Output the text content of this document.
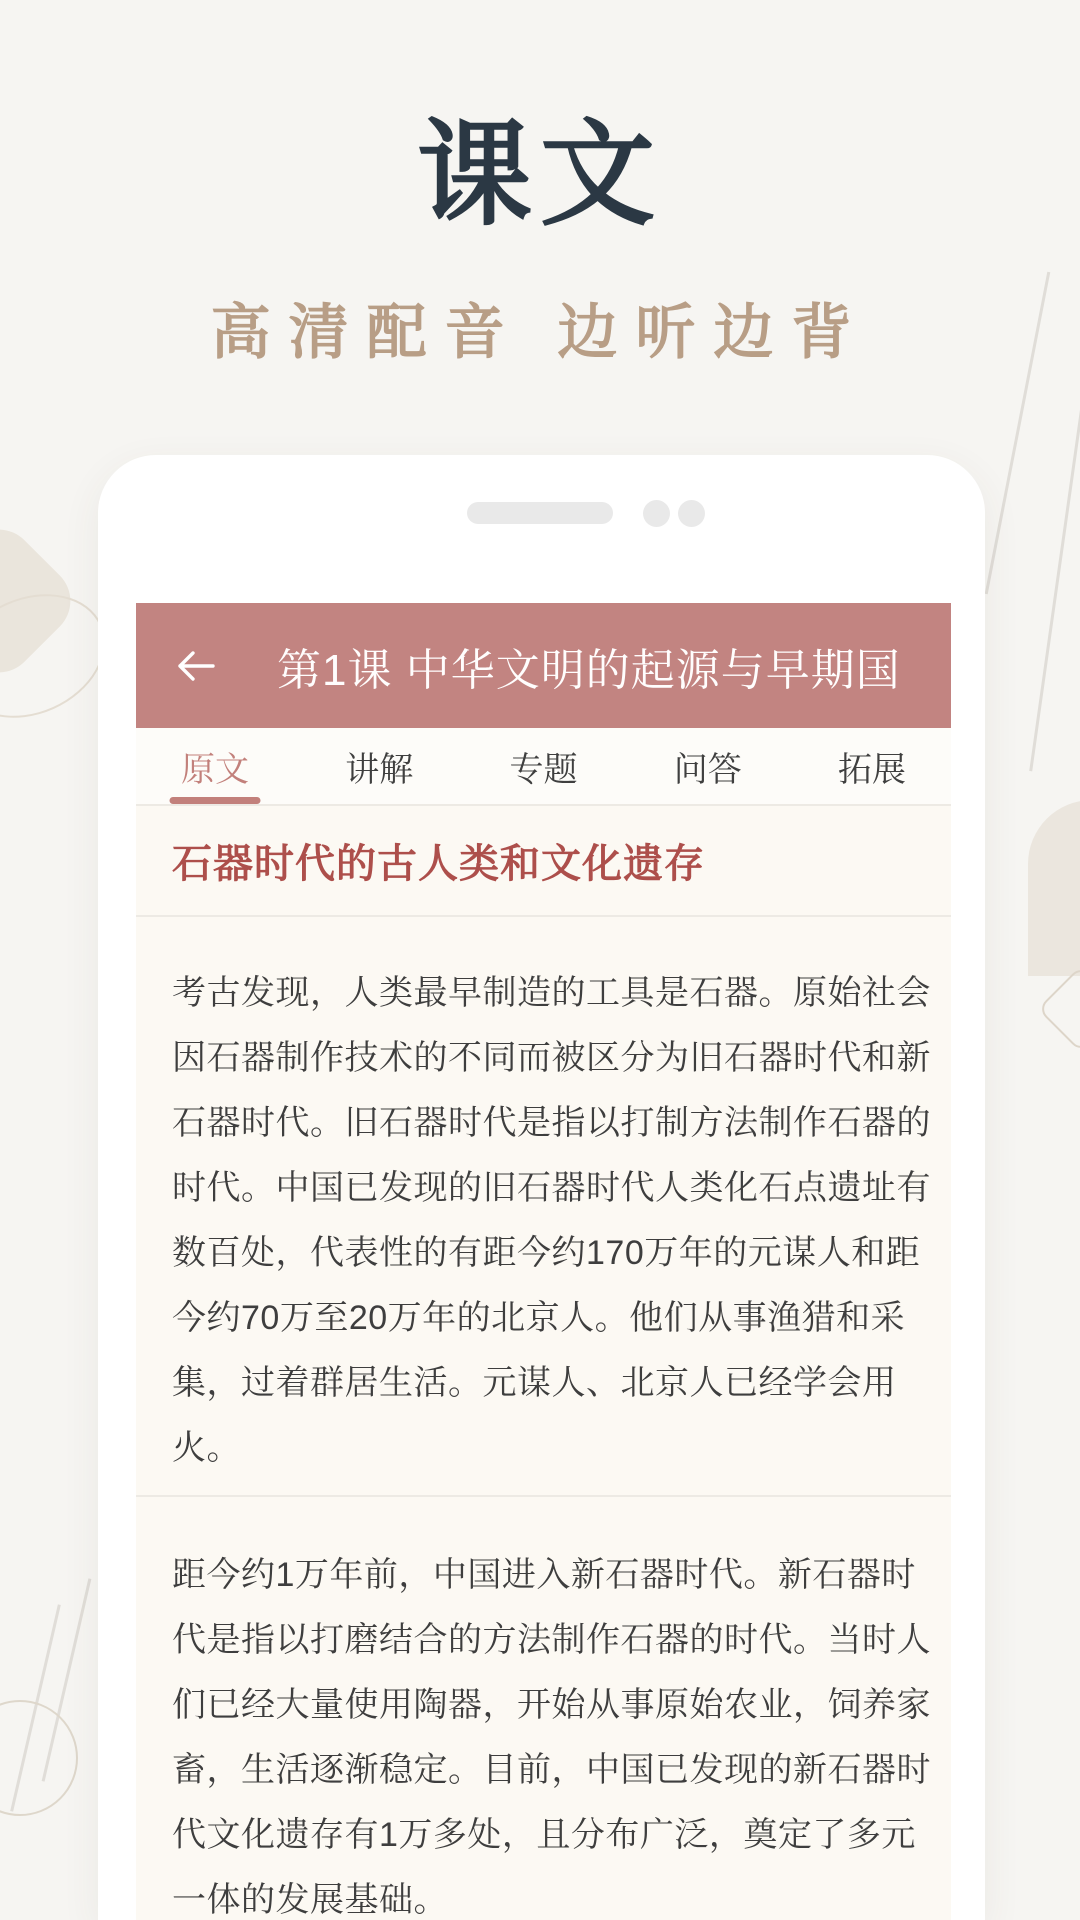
课文
高清配音 边听边背
第1课 中华文明的起源与早期国
原文	讲解	专题	问答	拓展
石器时代的古人类和文化遗存
考古发现，人类最早制造的工具是石器。原始社会
因石器制作技术的不同而被区分为旧石器时代和新
石器时代。旧石器时代是指以打制方法制作石器的
时代。中国已发现的旧石器时代人类化石点遗址有
数百处，代表性的有距今约170万年的元谋人和距
今约70万至20万年的北京人。他们从事渔猎和采
集，过着群居生活。元谋人、北京人已经学会用
火。
距今约1万年前，中国进入新石器时代。新石器时
代是指以打磨结合的方法制作石器的时代。当时人
们已经大量使用陶器，开始从事原始农业，饲养家
畜，生活逐渐稳定。目前，中国已发现的新石器时
代文化遗存有1万多处，且分布广泛，奠定了多元
一体的发展基础。
